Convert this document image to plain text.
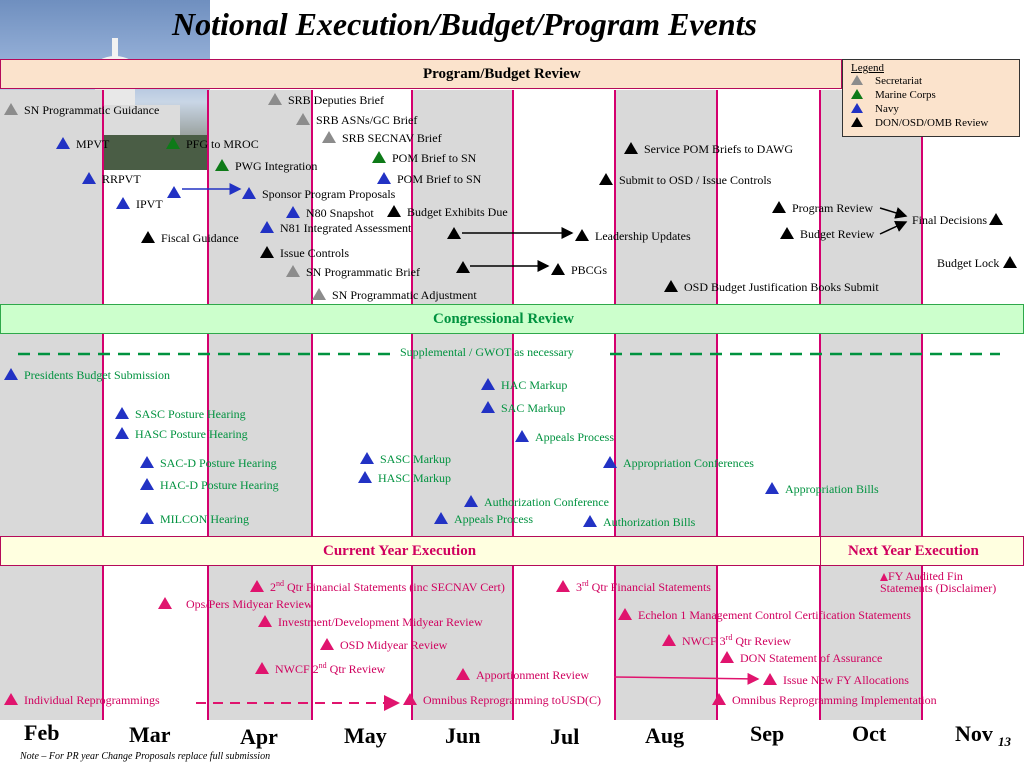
Notional Execution/Budget/Program Events
Program/Budget Review	Legend
Secretariat
Marine Corps
Navy
DON/OSD/OMB Review
Congressional Review
Current Year Execution	Next Year Execution
SN Programmatic Guidance
SRB Deputies Brief
SRB ASNs/GC Brief
SRB SECNAV Brief
MPVT	PFG to MROC
POM Brief to SN
PWG Integration
POM Brief to SN
Service POM Briefs to DAWG
RRPVT
Sponsor Program Proposals
Submit to OSD / Issue Controls
IPVT
N80 Snapshot	Budget Exhibits Due	Program Review
Final Decisions
N81 Integrated Assessment
Fiscal Guidance	Leadership Updates	Budget Review
Issue Controls
Budget Lock
SN Programmatic Brief	PBCGs
OSD Budget Justification Books Submit
SN Programmatic Adjustment
Supplemental / GWOT as necessary
Presidents Budget Submission
HAC Markup
SAC Markup
SASC Posture Hearing
HASC Posture Hearing	Appeals Process
SASC Markup
SAC-D Posture Hearing	Appropriation Conferences
HASC Markup
HAC-D Posture Hearing	Appropriation Bills
Authorization Conference
MILCON Hearing	Appeals Process	Authorization Bills
2nd Qtr Financial Statements (inc SECNAV Cert)	3rd Qtr Financial Statements
FY Audited Fin
Statements (Disclaimer)
Ops/Pers Midyear Review
Echelon 1 Management Control Certification Statements
Investment/Development Midyear Review
NWCF 3rd Qtr Review
OSD Midyear Review
DON Statement of Assurance
NWCF 2nd Qtr Review	Apportionment Review	Issue New FY Allocations
Individual Reprogrammings	Omnibus Reprogramming toUSD(C)	Omnibus Reprogramming Implementation
Feb	Mar	Apr	May	Jun	Jul	Aug	Sep	Oct	Nov 13
Note – For PR year Change Proposals replace full submission
